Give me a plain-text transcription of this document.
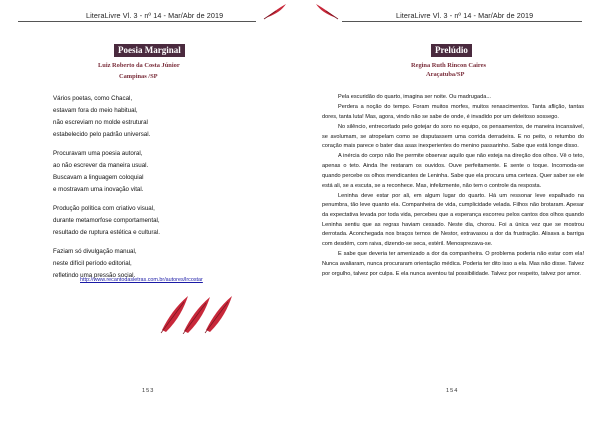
LiteraLivre Vl. 3 - nº 14 - Mar/Abr de 2019
Poesia Marginal
Luiz Roberto da Costa Júnior
Campinas /SP
Vários poetas, como Chacal,
estavam fora do meio habitual,
não escreviam no molde estrutural
estabelecido pelo padrão universal.
Procuravam uma poesia autoral,
ao não escrever da maneira usual.
Buscavam a linguagem coloquial
e mostravam uma inovação vital.
Produção política com criativo visual,
durante metamorfose comportamental,
resultado de ruptura estética e cultural.
Faziam só divulgação manual,
neste difícil período editorial,
refletindo uma pressão social.
http://www.recantodasletras.com.br/autores/lrcostar
153
LiteraLivre Vl. 3 - nº 14 - Mar/Abr de 2019
154
Prelúdio
Regina Ruth Rincon Caires
Araçatuba/SP

Pela escuridão do quarto, imagina ser noite. Ou madrugada...

Perdera a noção do tempo. Foram muitos morfes, muitos renascimentos. Tanta aflição, tantas dores, tanta luta! Mas, agora, vindo não se sabe de onde, é invadido por um deleitoso sossego.

No silêncio, entrecortado pelo gotejar do soro no equipo, os pensamentos, de maneira incansável, se avolumam, se atropelam como se disputassem uma corrida derradeira. E no peito, o retumbo do coração mais parece o bater das asas inexperientes do menino passarinho. Sabe que está longe disso.

A inércia do corpo não lhe permite observar aquilo que não esteja na direção dos olhos. Vê o teto, apenas o teto. Ainda lhe restaram os ouvidos. Ouve perfeitamente. E sente o toque. Incomoda-se quando percebe os olhos mendicantes de Leninha. Sabe que ela procura uma certeza. Quer saber se ele está ali, se a escuta, se a reconhece. Mas, infelizmente, não tem o controle da resposta.

Leninha deve estar por ali, em algum lugar do quarto. Há um ressonar leve espalhado na penumbra, tão leve quanto ela. Companheira de vida, cumplicidade velada. Filhos não brotaram. Apesar da expectativa levada por toda vida, percebeu que a esperança escorreu pelos cantos dos olhos quando Leninha sentiu que as regras haviam cessado. Neste dia, chorou. Foi a única vez que se mostrou derrotada. Aconchegada nos braços ternos de Nestor, extravasou a dor da frustração. Alisava a barriga com desdém, com raiva, dizendo-se seca, estéril. Menosprezava-se.

E sabe que deveria ter amenizado a dor da companheira. O problema poderia não estar com ela! Nunca avaliaram, nunca procuraram orientação médica. Poderia ter dito isso a ela. Mas não disse. Talvez por orgulho, talvez por culpa. E ela nunca aventou tal possibilidade. Talvez por respeito, talvez por amor.
